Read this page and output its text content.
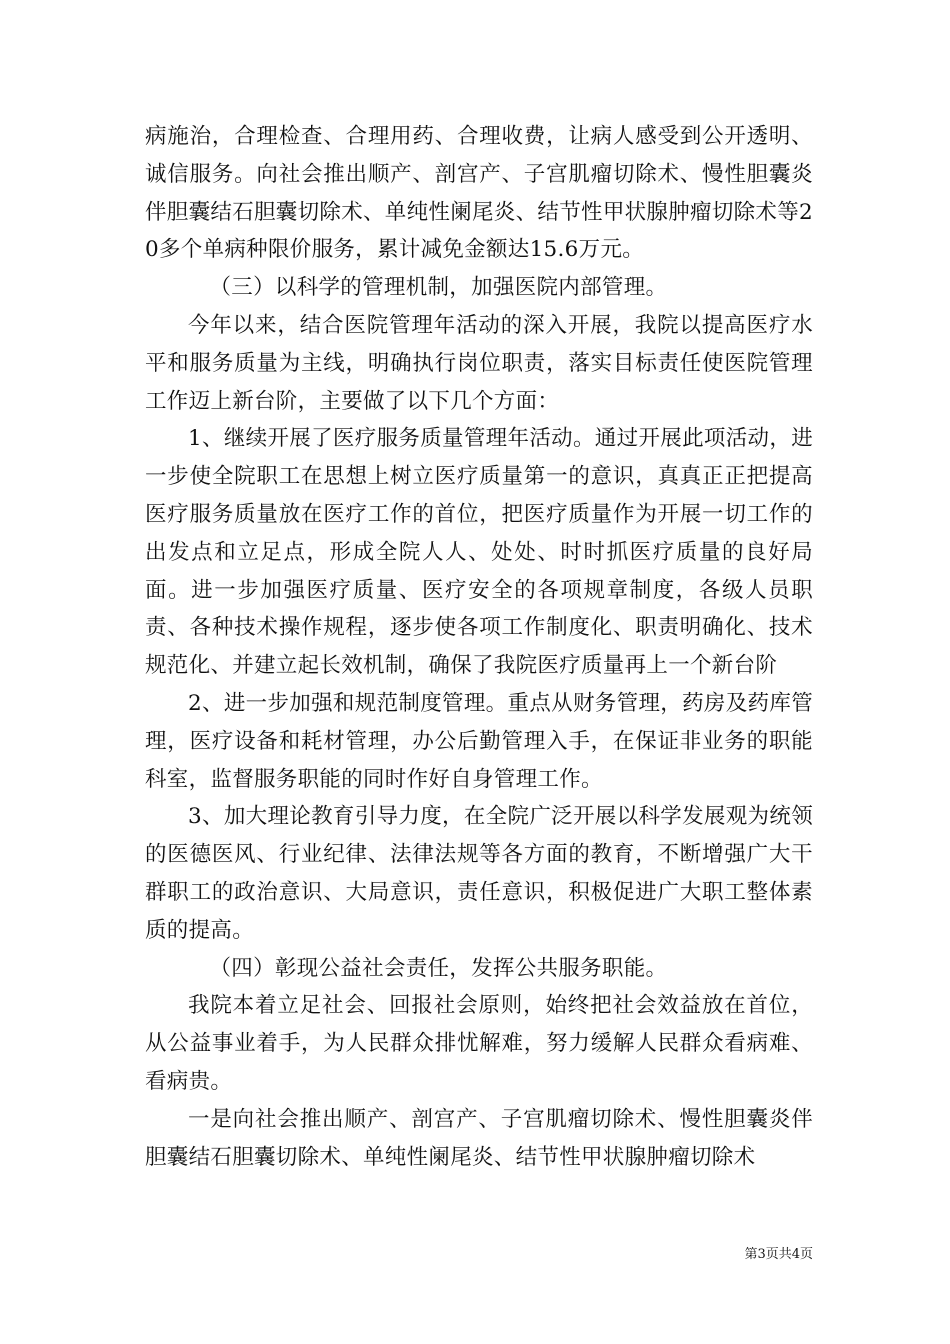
病施治，合理检查、合理用药、合理收费，让病人感受到公开透明、诚信服务。向社会推出顺产、剖宫产、子宫肌瘤切除术、慢性胆囊炎伴胆囊结石胆囊切除术、单纯性阑尾炎、结节性甲状腺肿瘤切除术等20多个单病种限价服务，累计减免金额达15.6万元。

（三）以科学的管理机制，加强医院内部管理。

今年以来，结合医院管理年活动的深入开展，我院以提高医疗水平和服务质量为主线，明确执行岗位职责，落实目标责任使医院管理工作迈上新台阶，主要做了以下几个方面：

1、继续开展了医疗服务质量管理年活动。通过开展此项活动，进一步使全院职工在思想上树立医疗质量第一的意识，真真正正把提高医疗服务质量放在医疗工作的首位，把医疗质量作为开展一切工作的出发点和立足点，形成全院人人、处处、时时抓医疗质量的良好局面。进一步加强医疗质量、医疗安全的各项规章制度，各级人员职责、各种技术操作规程，逐步使各项工作制度化、职责明确化、技术规范化、并建立起长效机制，确保了我院医疗质量再上一个新台阶

2、进一步加强和规范制度管理。重点从财务管理，药房及药库管理，医疗设备和耗材管理，办公后勤管理入手，在保证非业务的职能科室，监督服务职能的同时作好自身管理工作。

3、加大理论教育引导力度，在全院广泛开展以科学发展观为统领的医德医风、行业纪律、法律法规等各方面的教育，不断增强广大干群职工的政治意识、大局意识，责任意识，积极促进广大职工整体素质的提高。

（四）彰现公益社会责任，发挥公共服务职能。

我院本着立足社会、回报社会原则，始终把社会效益放在首位，从公益事业着手，为人民群众排忧解难，努力缓解人民群众看病难、看病贵。

一是向社会推出顺产、剖宫产、子宫肌瘤切除术、慢性胆囊炎伴胆囊结石胆囊切除术、单纯性阑尾炎、结节性甲状腺肿瘤切除术

第3页共4页
